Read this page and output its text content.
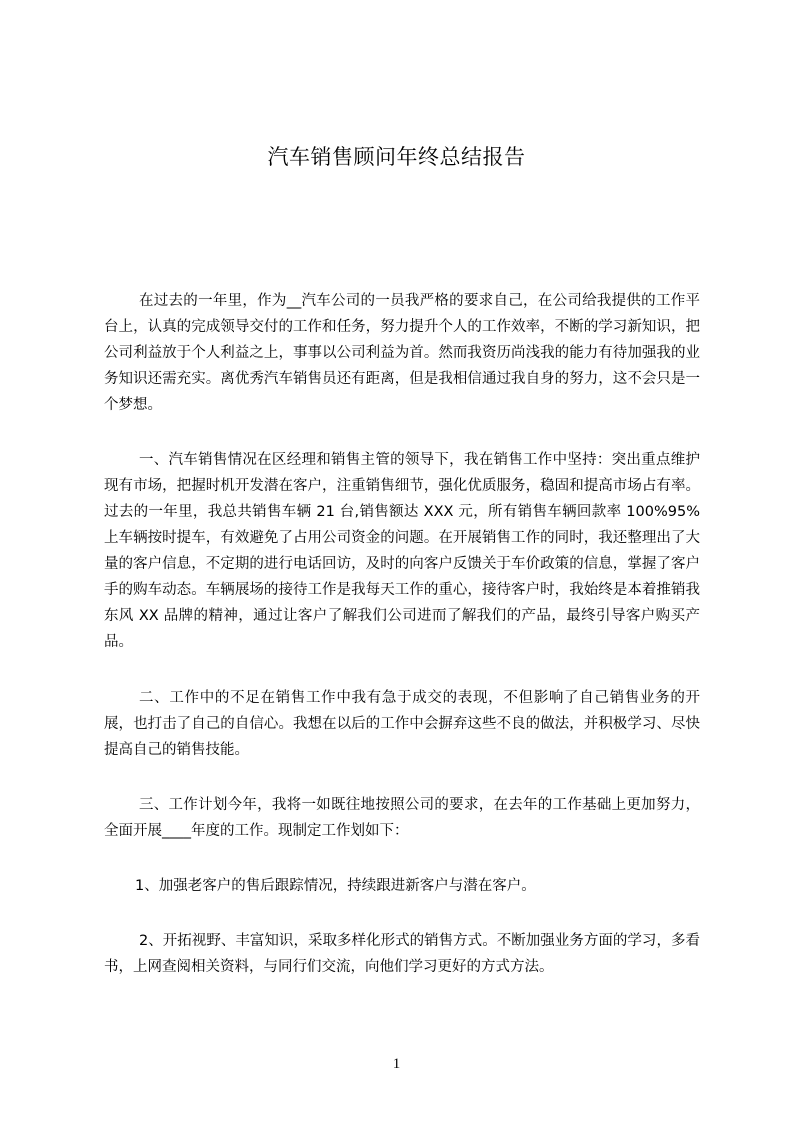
汽车销售顾问年终总结报告

在过去的一年里，作为__汽车公司的一员我严格的要求自己，在公司给我提供的工作平台上，认真的完成领导交付的工作和任务，努力提升个人的工作效率，不断的学习新知识，把公司利益放于个人利益之上，事事以公司利益为首。然而我资历尚浅我的能力有待加强我的业务知识还需充实。离优秀汽车销售员还有距离，但是我相信通过我自身的努力，这不会只是一个梦想。

一、汽车销售情况在区经理和销售主管的领导下，我在销售工作中坚持：突出重点维护现有市场，把握时机开发潜在客户，注重销售细节，强化优质服务，稳固和提高市场占有率。过去的一年里，我总共销售车辆 21 台,销售额达 XXX 元，所有销售车辆回款率 100%95%上车辆按时提车，有效避免了占用公司资金的问题。在开展销售工作的同时，我还整理出了大量的客户信息，不定期的进行电话回访，及时的向客户反馈关于车价政策的信息，掌握了客户手的购车动态。车辆展场的接待工作是我每天工作的重心，接待客户时，我始终是本着推销我东风 XX 品牌的精神，通过让客户了解我们公司进而了解我们的产品，最终引导客户购买产品。

二、工作中的不足在销售工作中我有急于成交的表现，不但影响了自己销售业务的开展，也打击了自己的自信心。我想在以后的工作中会摒弃这些不良的做法，并积极学习、尽快提高自己的销售技能。

三、工作计划今年，我将一如既往地按照公司的要求，在去年的工作基础上更加努力，全面开展____年度的工作。现制定工作划如下：

1、加强老客户的售后跟踪情况，持续跟进新客户与潜在客户。

2、开拓视野、丰富知识，采取多样化形式的销售方式。不断加强业务方面的学习，多看书，上网查阅相关资料，与同行们交流，向他们学习更好的方式方法。

1
